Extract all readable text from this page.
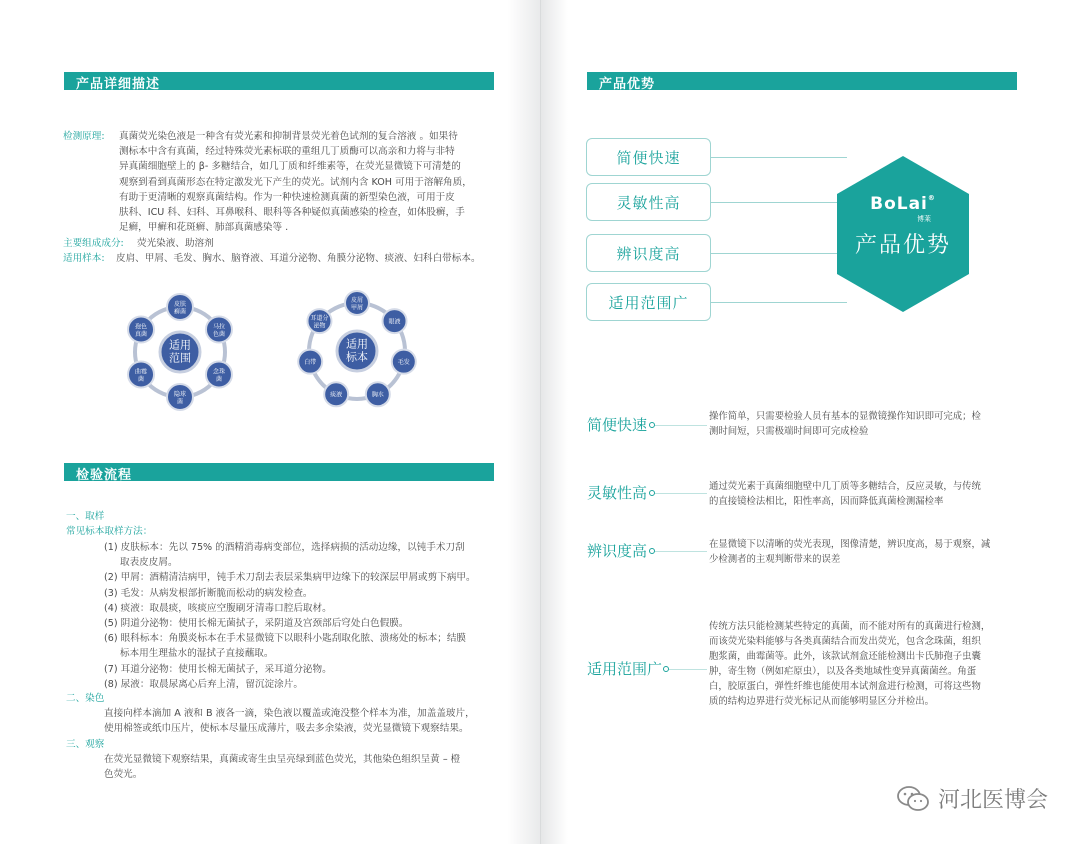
产品详细描述
检测原理: 真菌荧光染色液是一种含有荧光素和抑制背景荧光着色试剂的复合溶液 。如果待
测标本中含有真菌，经过特殊荧光素标联的重组几丁质酶可以高亲和力将与非特
异真菌细胞壁上的 β- 多糖结合，如几丁质和纤维素等，在荧光显微镜下可清楚的
观察到看到真菌形态在特定激发光下产生的荧光。试剂内含 KOH 可用于溶解角质，
有助于更清晰的观察真菌结构。作为一种快速检测真菌的新型染色液，可用于皮
肤科、ICU 科、妇科、耳鼻喉科、眼科等各种疑似真菌感染的检查，如体股癣，手
足癣，甲癣和花斑癣、肺部真菌感染等 .
主要组成成分: 荧光染液、助溶剂
适用样本: 皮肩、甲屑、毛发、胸水、脑脊液、耳道分泌物、角膜分泌物、痰液、妇科白带标本。
适用
范围
皮肤
癣菌
马拉
色菌
念珠
菌
隐球
菌
曲霉
菌
孢色
真菌
适用
标本
皮屑
甲屑
眼液
毛发
胸水
痰液
白带
耳道分
泌物
检验流程
一、取样
常见标本取样方法：
(1) 皮肤标本：先以 75% 的酒精消毒病变部位，选择病损的活动边缘，以钝手术刀刮
取表皮皮屑。
(2) 甲屑：酒精清洁病甲，钝手术刀刮去表层采集病甲边缘下的较深层甲屑或剪下病甲。
(3) 毛发：从病发根部折断脆而松动的病发检查。
(4) 痰液：取晨痰，咳痰应空腹刷牙清毒口腔后取材。
(5) 阴道分泌物：使用长棉无菌拭子，采阴道及宫颈部后穹处白色假膜。
(6) 眼科标本：角膜炎标本在手术显微镜下以眼科小匙刮取化脓、溃疡处的标本；结膜
标本用生理盐水的湿拭子直接蘸取。
(7) 耳道分泌物：使用长棉无菌拭子，采耳道分泌物。
(8) 尿液：取晨尿离心后弃上清，留沉淀涂片。
二、染色
直接向样本滴加 A 液和 B 液各一滴，染色液以覆盖或淹没整个样本为准，加盖盖玻片，
使用棉签或纸巾压片，使标本尽量压成薄片，吸去多余染液，荧光显微镜下观察结果。
三、观察
在荧光显微镜下观察结果，真菌或寄生虫呈亮绿到蓝色荧光，其他染色组织呈黄 – 橙
色荧光。
产品优势
简便快速
灵敏性高
辨识度高
适用范围广
BoLai®
博莱
产品优势
简便快速	操作简单，只需要检验人员有基本的显微镜操作知识即可完成；检
测时间短，只需极端时间即可完成检验
灵敏性高	通过荧光素于真菌细胞壁中几丁质等多糖结合，反应灵敏，与传统
的直接镜检法相比，阳性率高，因而降低真菌检测漏检率
辨识度高	在显微镜下以清晰的荧光表现，图像清楚，辨识度高，易于观察，减
少检测者的主观判断带来的误差
适用范围广
传统方法只能检测某些特定的真菌，而不能对所有的真菌进行检测，
而该荧光染料能够与各类真菌结合而发出荧光，包含念珠菌，组织
胞浆菌，曲霉菌等。此外，该款试剂盒还能检测出卡氏肺孢子虫囊
肿，寄生物（例如疟原虫），以及各类地域性变异真菌菌丝。角蛋
白，胶原蛋白，弹性纤维也能使用本试剂盒进行检测，可将这些物
质的结构边界进行荧光标记从而能够明显区分并检出。
河北医博会
